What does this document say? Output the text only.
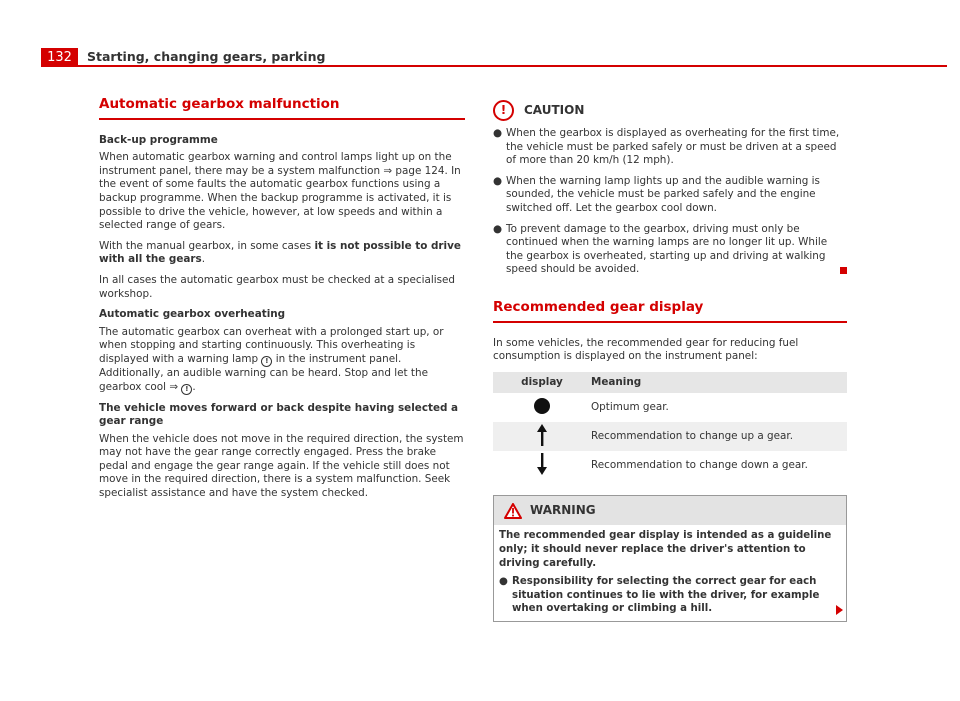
132	Starting, changing gears, parking
Automatic gearbox malfunction
Back-up programme

When automatic gearbox warning and control lamps light up on the instrument panel, there may be a system malfunction ⇒ page 124. In the event of some faults the automatic gearbox functions using a backup programme. When the backup programme is activated, it is possible to drive the vehicle, however, at low speeds and within a selected range of gears.

With the manual gearbox, in some cases it is not possible to drive with all the gears.

In all cases the automatic gearbox must be checked at a specialised workshop.

Automatic gearbox overheating

The automatic gearbox can overheat with a prolonged start up, or when stopping and starting continuously. This overheating is displayed with a warning lamp ! in the instrument panel. Additionally, an audible warning can be heard. Stop and let the gearbox cool ⇒ ! .

The vehicle moves forward or back despite having selected a gear range

When the vehicle does not move in the required direction, the system may not have the gear range correctly engaged. Press the brake pedal and engage the gear range again. If the vehicle still does not move in the required direction, there is a system malfunction. Seek specialist assistance and have the system checked.

!	CAUTION
● When the gearbox is displayed as overheating for the first time, the vehicle must be parked safely or must be driven at a speed of more than 20 km/h (12 mph).
● When the warning lamp lights up and the audible warning is sounded, the vehicle must be parked safely and the engine switched off. Let the gearbox cool down.
● To prevent damage to the gearbox, driving must only be continued when the warning lamps are no longer lit up. While the gearbox is overheated, starting up and driving at walking speed should be avoided.
Recommended gear display

In some vehicles, the recommended gear for reducing fuel consumption is displayed on the instrument panel:

display	Meaning
	Optimum gear.
	Recommendation to change up a gear.
	Recommendation to change down a gear.
WARNING

The recommended gear display is intended as a guideline only; it should never replace the driver's attention to driving carefully.

● Responsibility for selecting the correct gear for each situation continues to lie with the driver, for example when overtaking or climbing a hill.
